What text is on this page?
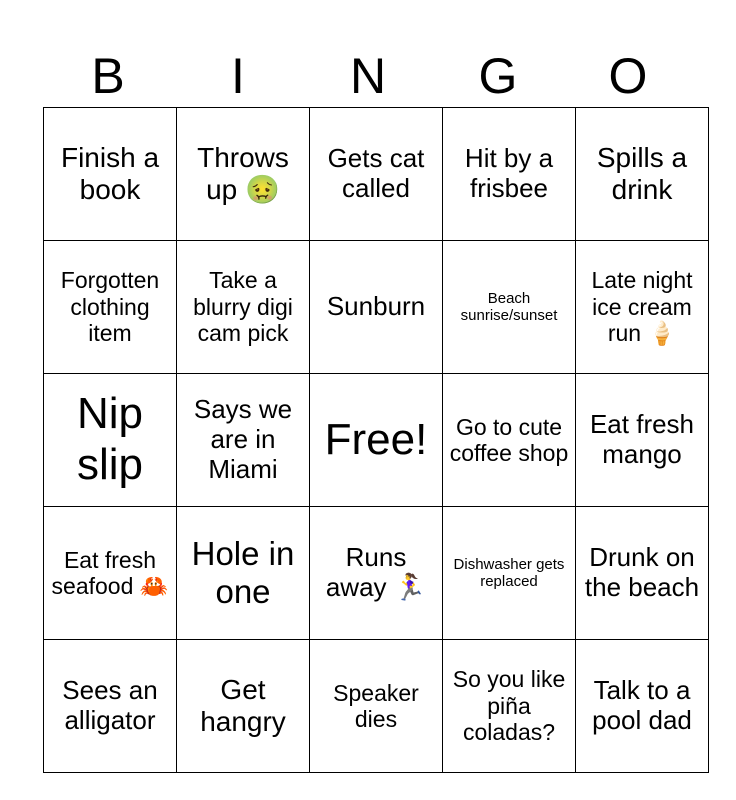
B	I	N	G	O
Finish a book	Throws up 🤢	Gets cat called	Hit by a frisbee	Spills a drink
Forgotten clothing item	Take a blurry digi cam pick	Sunburn	Beach sunrise/sunset	Late night ice cream run 🍦
Nip slip	Says we are in Miami	Free!	Go to cute coffee shop	Eat fresh mango
Eat fresh seafood 🦀	Hole in one	Runs away 🏃‍♀️	Dishwasher gets replaced	Drunk on the beach
Sees an alligator	Get hangry	Speaker dies	So you like piña coladas?	Talk to a pool dad
